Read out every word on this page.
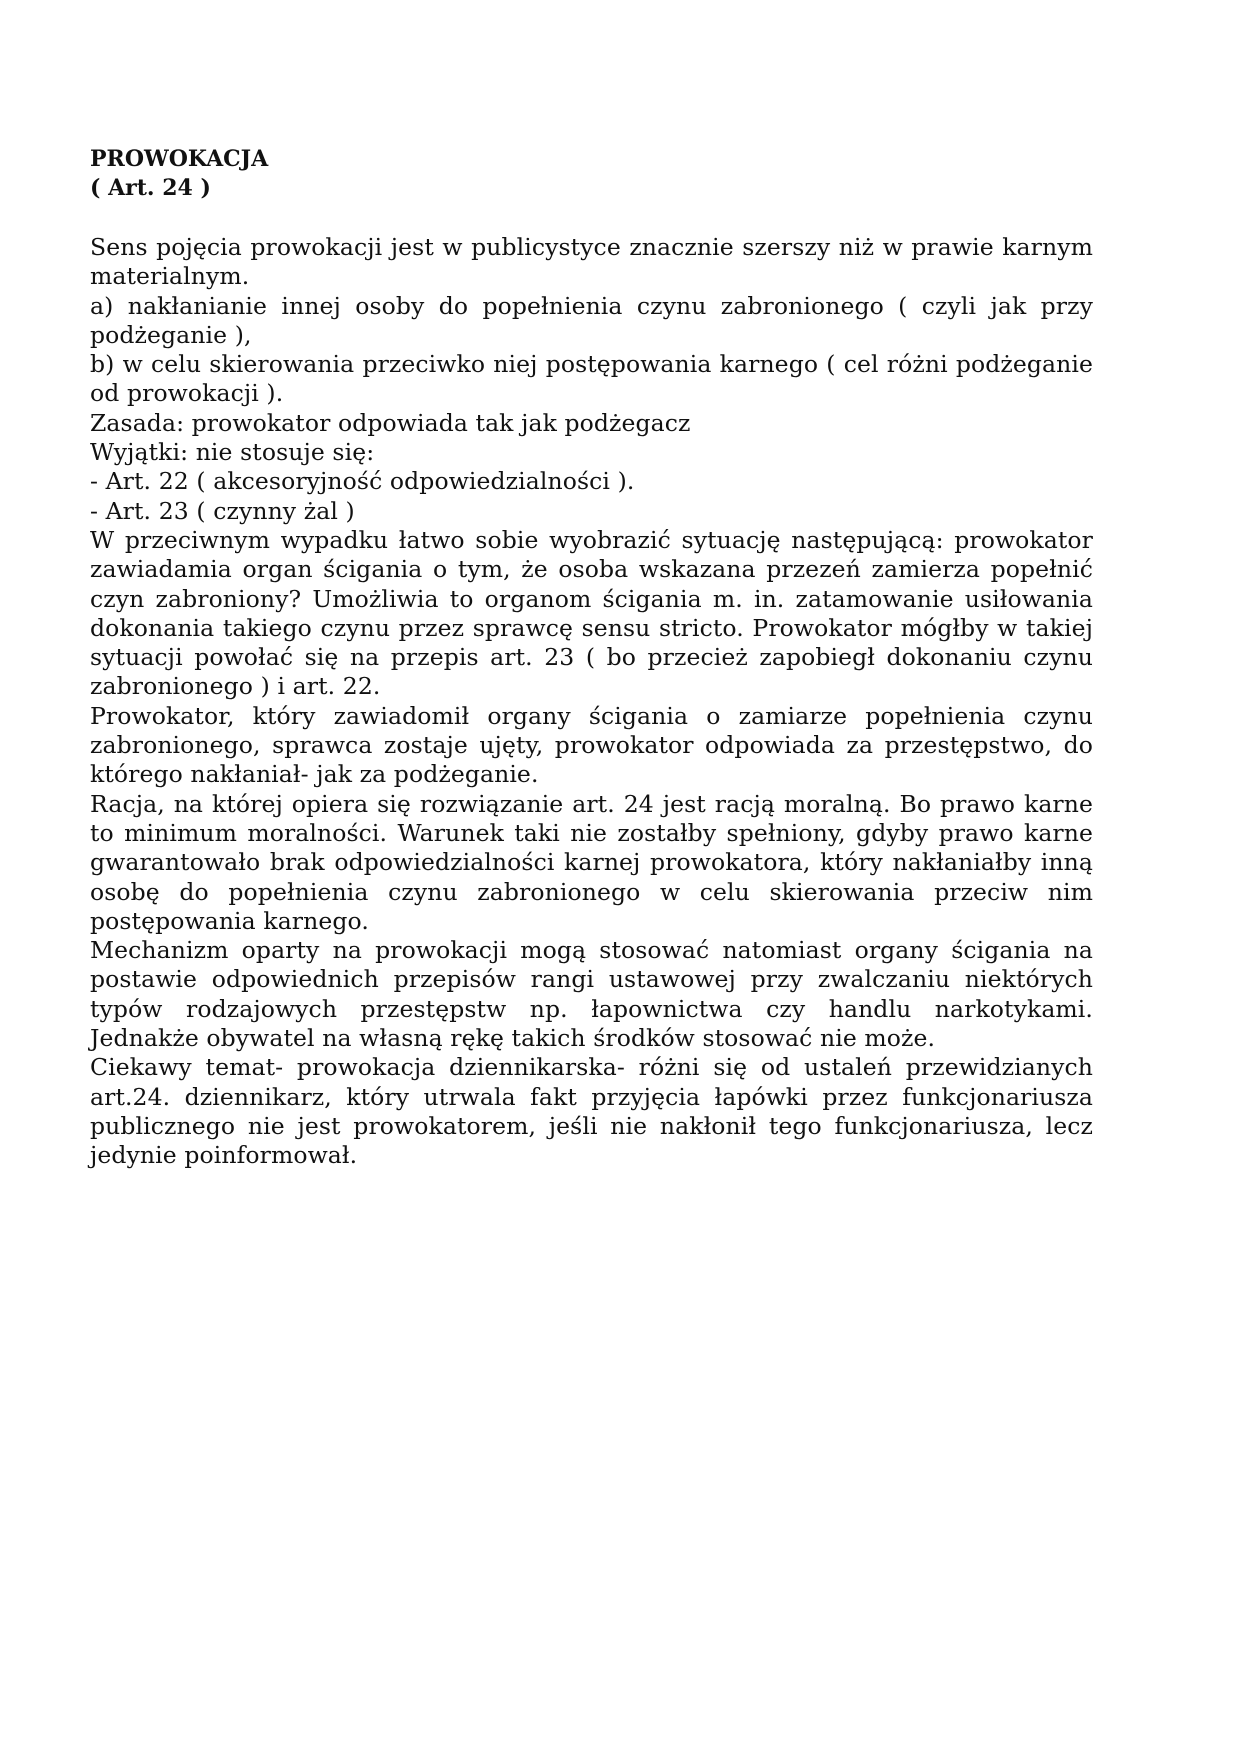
PROWOKACJA

( Art. 24 )

Sens pojęcia prowokacji jest w publicystyce znacznie szerszy niż w prawie karnym materialnym.

a) nakłanianie innej osoby do popełnienia czynu zabronionego ( czyli jak przy podżeganie ),

b) w celu skierowania przeciwko niej postępowania karnego ( cel różni podżeganie od prowokacji ).

Zasada: prowokator odpowiada tak jak podżegacz

Wyjątki: nie stosuje się:

- Art. 22 ( akcesoryjność odpowiedzialności ).

- Art. 23 ( czynny żal )

W przeciwnym wypadku łatwo sobie wyobrazić sytuację następującą: prowokator zawiadamia organ ścigania o tym, że osoba wskazana przezeń zamierza popełnić czyn zabroniony? Umożliwia to organom ścigania m. in. zatamowanie usiłowania dokonania takiego czynu przez sprawcę sensu stricto. Prowokator mógłby w takiej sytuacji powołać się na przepis art. 23 ( bo przecież zapobiegł dokonaniu czynu zabronionego ) i art. 22.

Prowokator, który zawiadomił organy ścigania o zamiarze popełnienia czynu zabronionego, sprawca zostaje ujęty, prowokator odpowiada za przestępstwo, do którego nakłaniał- jak za podżeganie.

Racja, na której opiera się rozwiązanie art. 24 jest racją moralną. Bo prawo karne to minimum moralności. Warunek taki nie zostałby spełniony, gdyby prawo karne gwarantowało brak odpowiedzialności karnej prowokatora, który nakłaniałby inną osobę do popełnienia czynu zabronionego w celu skierowania przeciw nim postępowania karnego.

Mechanizm oparty na prowokacji mogą stosować natomiast organy ścigania na postawie odpowiednich przepisów rangi ustawowej przy zwalczaniu niektórych typów rodzajowych przestępstw np. łapownictwa czy handlu narkotykami. Jednakże obywatel na własną rękę takich środków stosować nie może.

Ciekawy temat- prowokacja dziennikarska- różni się od ustaleń przewidzianych art.24. dziennikarz, który utrwala fakt przyjęcia łapówki przez funkcjonariusza publicznego nie jest prowokatorem, jeśli nie nakłonił tego funkcjonariusza, lecz jedynie poinformował.
